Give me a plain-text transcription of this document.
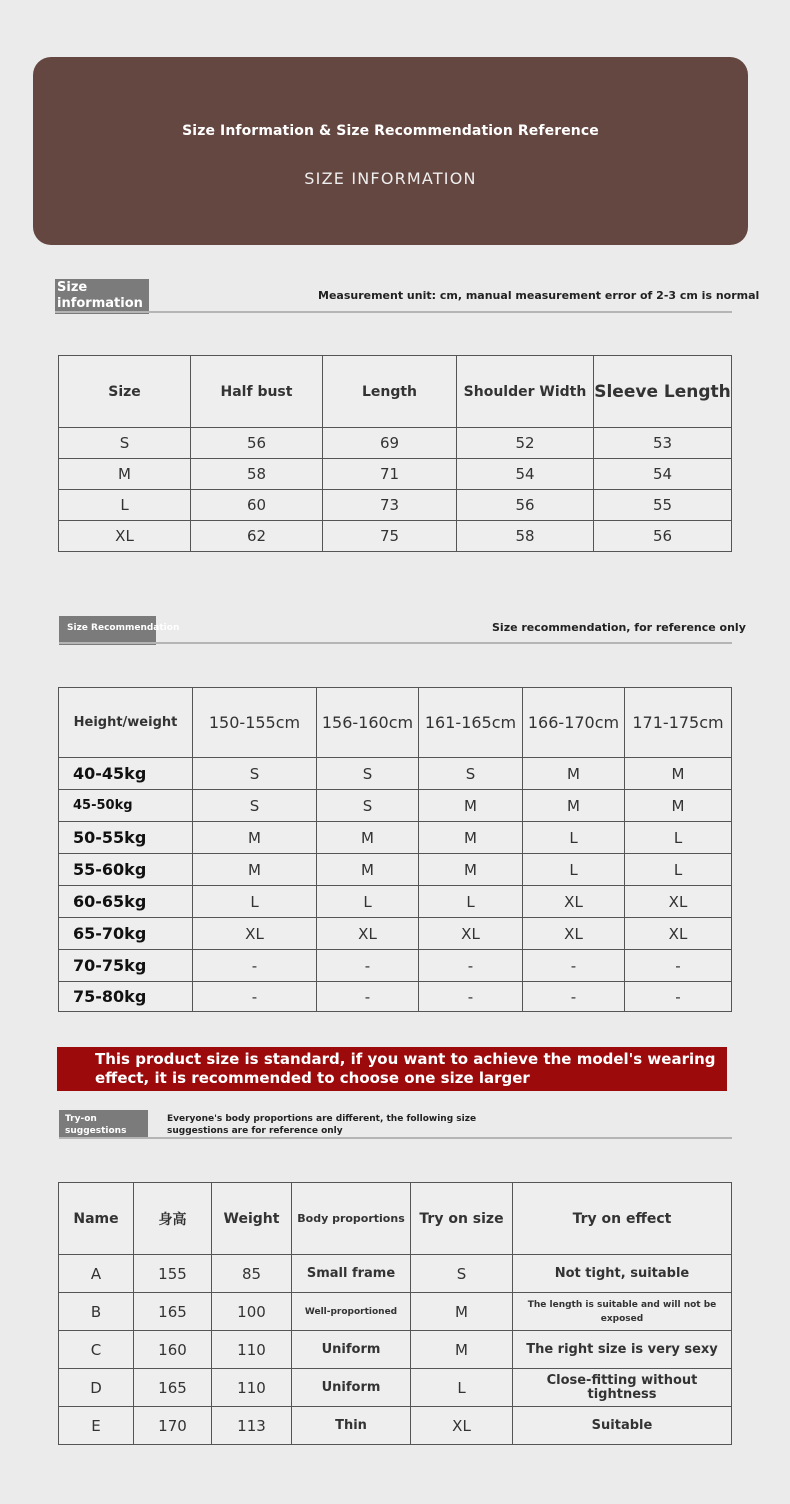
Size Information & Size Recommendation Reference
SIZE INFORMATION
Size
information
Measurement unit: cm, manual measurement error of 2-3 cm is normal
Size	Half bust	Length	Shoulder Width	Sleeve Length
S	56	69	52	53
M	58	71	54	54
L	60	73	56	55
XL	62	75	58	56
Size Recommendation	Size recommendation, for reference only
Height/weight	150-155cm	156-160cm	161-165cm	166-170cm	171-175cm
40-45kg	S	S	S	M	M
45-50kg	S	S	M	M	M
50-55kg	M	M	M	L	L
55-60kg	M	M	M	L	L
60-65kg	L	L	L	XL	XL
65-70kg	XL	XL	XL	XL	XL
70-75kg	-	-	-	-	-
75-80kg	-	-	-	-	-
This product size is standard, if you want to achieve the model's wearing
effect, it is recommended to choose one size larger
Try-on
suggestions
Everyone's body proportions are different, the following size
suggestions are for reference only
Name	身高	Weight	Body proportions	Try on size	Try on effect
A	155	85	Small frame	S	Not tight, suitable
B	165	100	Well-proportioned	M	The length is suitable and will not be exposed
C	160	110	Uniform	M	The right size is very sexy
D	165	110	Uniform	L	Close-fitting without tightness
E	170	113	Thin	XL	Suitable
